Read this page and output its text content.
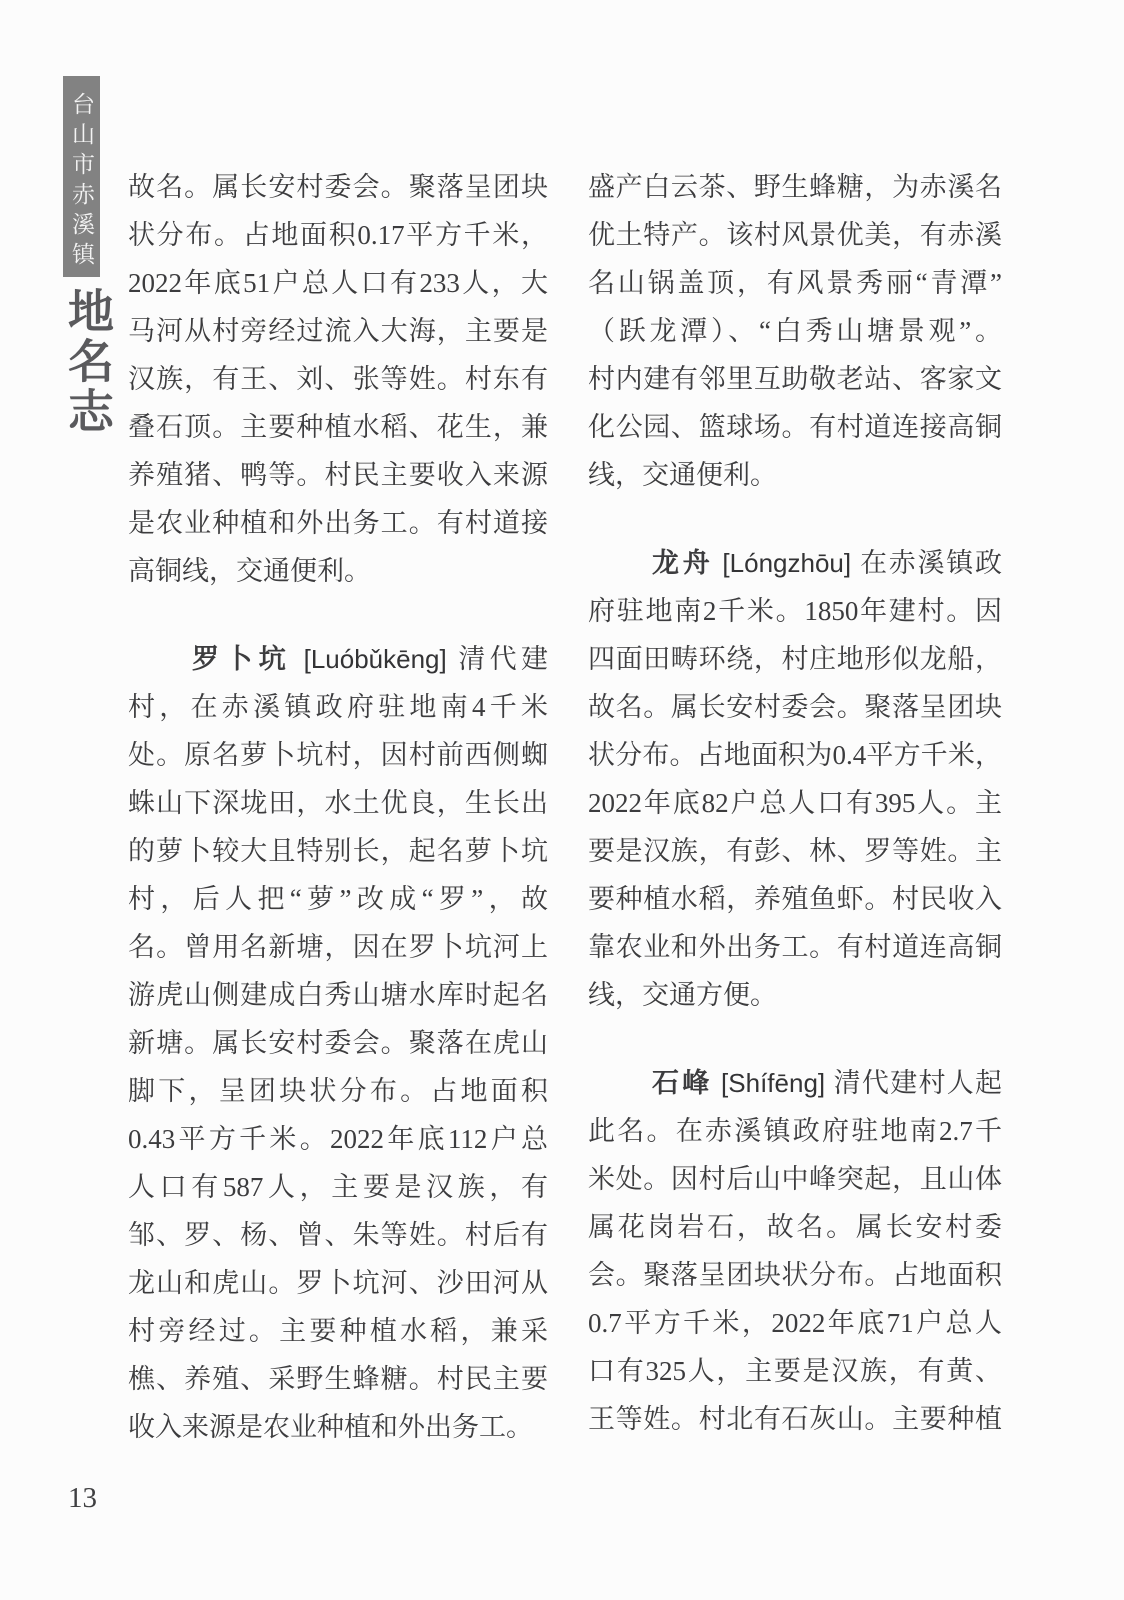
台山市赤溪镇
地名志
故名。属长安村委会。聚落呈团块
状分布。占地面积0.17平方千米，
2022年底51户总人口有233人，大
马河从村旁经过流入大海，主要是
汉族，有王、刘、张等姓。村东有
叠石顶。主要种植水稻、花生，兼
养殖猪、鸭等。村民主要收入来源
是农业种植和外出务工。有村道接
高铜线，交通便利。
罗卜坑 [Luóbǔkēng] 清代建
村，在赤溪镇政府驻地南4千米
处。原名萝卜坑村，因村前西侧蜘
蛛山下深垅田，水土优良，生长出
的萝卜较大且特别长，起名萝卜坑
村，后人把“萝”改成“罗”，故
名。曾用名新塘，因在罗卜坑河上
游虎山侧建成白秀山塘水库时起名
新塘。属长安村委会。聚落在虎山
脚下，呈团块状分布。占地面积
0.43平方千米。2022年底112户总
人口有587人，主要是汉族，有
邹、罗、杨、曾、朱等姓。村后有
龙山和虎山。罗卜坑河、沙田河从
村旁经过。主要种植水稻，兼采
樵、养殖、采野生蜂糖。村民主要
收入来源是农业种植和外出务工。
盛产白云茶、野生蜂糖，为赤溪名
优土特产。该村风景优美，有赤溪
名山锅盖顶，有风景秀丽“青潭”
（跃龙潭）、“白秀山塘景观”。
村内建有邻里互助敬老站、客家文
化公园、篮球场。有村道连接高铜
线，交通便利。
龙舟 [Lóngzhōu] 在赤溪镇政
府驻地南2千米。1850年建村。因
四面田畴环绕，村庄地形似龙船，
故名。属长安村委会。聚落呈团块
状分布。占地面积为0.4平方千米，
2022年底82户总人口有395人。主
要是汉族，有彭、林、罗等姓。主
要种植水稻，养殖鱼虾。村民收入
靠农业和外出务工。有村道连高铜
线，交通方便。
石峰 [Shífēng] 清代建村人起
此名。在赤溪镇政府驻地南2.7千
米处。因村后山中峰突起，且山体
属花岗岩石，故名。属长安村委
会。聚落呈团块状分布。占地面积
0.7平方千米，2022年底71户总人
口有325人，主要是汉族，有黄、
王等姓。村北有石灰山。主要种植
13
